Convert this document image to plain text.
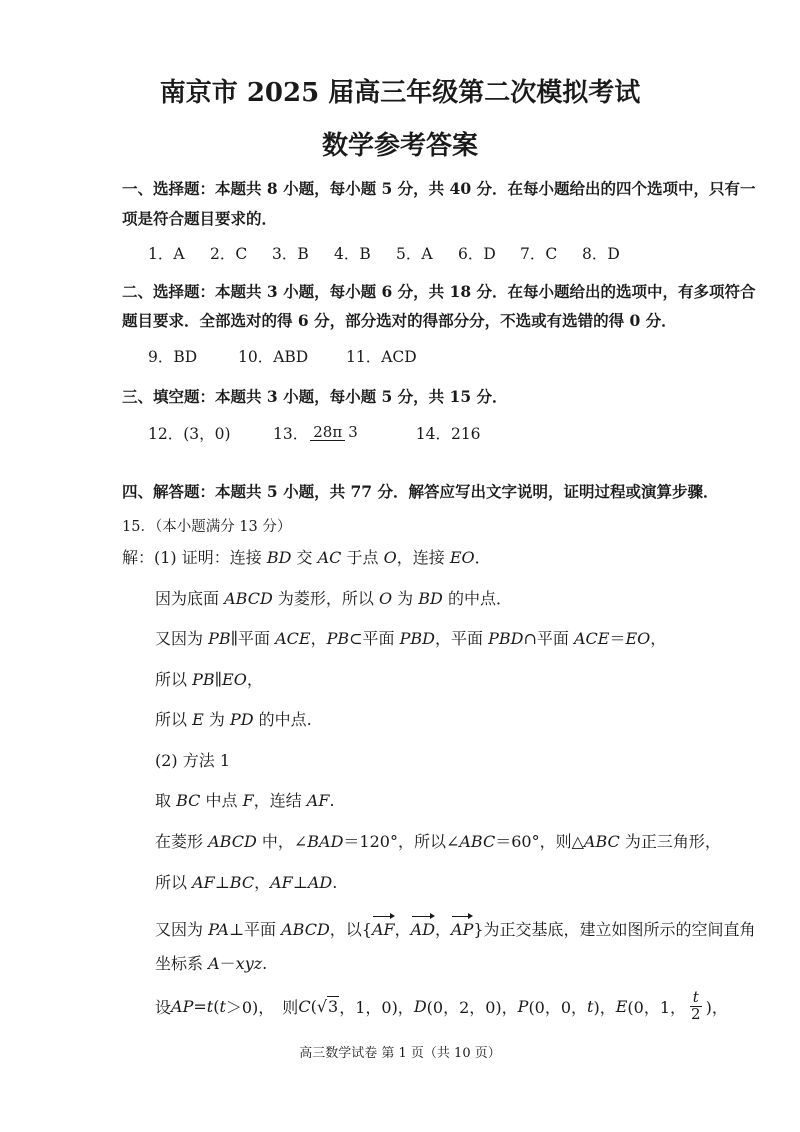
南京市 2025 届高三年级第二次模拟考试
数学参考答案
一、选择题：本题共 8 小题，每小题 5 分，共 40 分．在每小题给出的四个选项中，只有一
项是符合题目要求的．
1．A 2．C 3．B 4．B 5．A 6．D 7．C 8．D
二、选择题：本题共 3 小题，每小题 6 分，共 18 分．在每小题给出的选项中，有多项符合
题目要求．全部选对的得 6 分，部分选对的得部分分，不选或有选错的得 0 分．
9．BD	10．ABD 11．ACD
三、填空题：本题共 3 小题，每小题 5 分，共 15 分．
12．(3，0)	13． 28π 3	14．216
四、解答题：本题共 5 小题，共 77 分．解答应写出文字说明，证明过程或演算步骤．
15．（本小题满分 13 分）
解：(1) 证明：连接 BD 交 AC 于点 O，连接 EO．
因为底面 ABCD 为菱形，所以 O 为 BD 的中点．
又因为 PB∥平面 ACE，PB⊂平面 PBD，平面 PBD∩平面 ACE＝EO，
所以 PB∥EO，
所以 E 为 PD 的中点.
(2) 方法 1
取 BC 中点 F，连结 AF.
在菱形 ABCD 中，∠BAD＝120°，所以∠ABC＝60°，则△ABC 为正三角形，
所以 AF⊥BC，AF⊥AD.
又因为 PA⊥平面 ABCD，以{AF，AD，AP}为正交基底，建立如图所示的空间直角
坐标系 A－xyz.
设 AP = t ( t ＞0)，　则 C ( √3 ，1，0)， D (0，2，0)， P (0，0， t )， E (0，1， $\frac{t}{2}$ )，
高三数学试卷 第 1 页（共 10 页）
